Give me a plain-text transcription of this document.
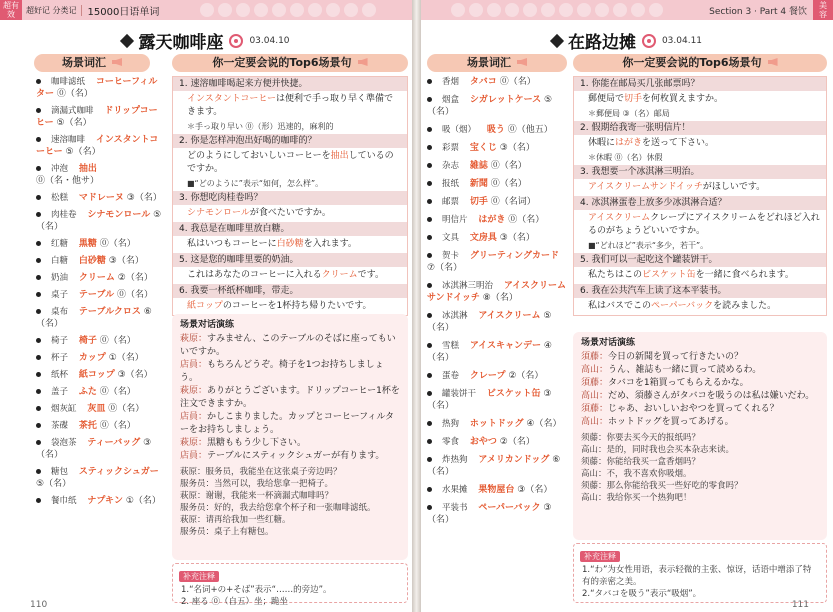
超有效	超好记 分类记	15000日语单词
露天咖啡座	03.04.10
场景词汇	你一定要会说的Top6场景句
咖啡滤纸 コーヒーフィルター ⓪（名）
滴漏式咖啡 ドリップコーヒー ⑤（名）
速溶咖啡 インスタントコーヒー ⑤（名）
冲泡 抽出 ⓪（名・他サ）
松糕 マドレーヌ ③（名）
肉桂卷 シナモンロール ⑤（名）
红糖 黒糖 ⓪（名）
白糖 白砂糖 ③（名）
奶油 クリーム ②（名）
桌子 テーブル ⓪（名）
桌布 テーブルクロス ⑥（名）
椅子 椅子 ⓪（名）
杯子 カップ ①（名）
纸杯 紙コップ ③（名）
盖子 ふた ⓪（名）
烟灰缸 灰皿 ⓪（名）
茶碟 茶托 ⓪（名）
袋泡茶 ティーバッグ ③（名）
糖包 スティックシュガー ⑤（名）
餐巾纸 ナプキン ①（名）
1. 速溶咖啡喝起来方便并快捷。
インスタントコーヒーは便利で手っ取り早く準備できます。
＊手っ取り早い ⓪（形）迅速的，麻利的
2. 你是怎样冲泡出好喝的咖啡的？
どのようにしておいしいコーヒーを抽出しているのですか。
■“どのように”表示“如何，怎么样”。
3. 你想吃肉桂卷吗？
シナモンロールが食べたいですか。
4. 我总是在咖啡里放白糖。
私はいつもコーヒーに白砂糖を入れます。
5. 这是您的咖啡里要的奶油。
これはあなたのコーヒーに入れるクリームです。
6. 我要一杯纸杯咖啡，带走。
紙コップのコーヒーを1杯持ち帰りたいです。
场景对话演练
萩原：すみません、このテーブルのそばに座ってもいいですか。
店員：もちろんどうぞ。椅子を1つお持ちしましょう。
萩原：ありがとうございます。ドリップコーヒー1杯を注文できますか。
店員：かしこまりました。カップとコーヒーフィルターをお持ちしましょう。
萩原：黒糖ももう少し下さい。
店員：テーブルにスティックシュガーが有ります。
萩原：服务员，我能坐在这张桌子旁边吗？
服务员：当然可以，我给您拿一把椅子。
萩原：谢谢，我能来一杯滴漏式咖啡吗？
服务员：好的，我去给您拿个杯子和一张咖啡滤纸。
萩原：请再给我加一些红糖。
服务员：桌子上有糖包。
补充注释
1.“名词+の+そば”表示“……的旁边”。
2. 座る ⓪（自五）坐；跪坐
110
Section 3 · Part 4 餐饮
美容
在路边摊	03.04.11
场景词汇	你一定要会说的Top6场景句
香烟 タバコ ⓪（名）
烟盒 シガレットケース ⑤（名）
吸（烟） 吸う ⓪（他五）
彩票 宝くじ ③（名）
杂志 雑誌 ⓪（名）
报纸 新聞 ⓪（名）
邮票 切手 ⓪（名词）
明信片 はがき ⓪（名）
文具 文房具 ③（名）
贺卡 グリーティングカード ⑦（名）
冰淇淋三明治 アイスクリームサンドイッチ ⑧（名）
冰淇淋 アイスクリーム ⑤（名）
雪糕 アイスキャンデー ④（名）
蛋卷 クレープ ②（名）
罐装饼干 ビスケット缶 ③（名）
热狗 ホットドッグ ④（名）
零食 おやつ ②（名）
炸热狗 アメリカンドッグ ⑥（名）
水果摊 果物屋台 ③（名）
平装书 ペーパーバック ③（名）
1. 你能在邮局买几张邮票吗？
郵便局で切手を何枚買えますか。
＊郵便局 ③（名）邮局
2. 假期给我寄一张明信片！
休暇にはがきを送って下さい。
＊休暇 ⓪（名）休假
3. 我想要一个冰淇淋三明治。
アイスクリームサンドイッチがほしいです。
4. 冰淇淋蛋卷上放多少冰淇淋合适？
アイスクリームクレープにアイスクリームをどれほど入れるのがちょうどいいですか。
■“どれほど”表示“多少，若干”。
5. 我们可以一起吃这个罐装饼干。
私たちはこのビスケット缶を一緒に食べられます。
6. 我在公共汽车上读了这本平装书。
私はバスでこのペーパーバックを読みました。
场景对话演练
須藤：今日の新聞を買って行きたいの？
高山：うん、雑誌も一緒に買って読めるわ。
須藤：タバコを1箱買ってもらえるかな。
高山：だめ、須藤さんがタバコを吸うのは私は嫌いだわ。
須藤：じゃあ、おいしいおやつを買ってくれる？
高山：ホットドッグを買ってあげる。
须藤：你要去买今天的报纸吗？
高山：是的，同时我也会买本杂志来读。
须藤：你能给我买一盒香烟吗？
高山：不，我不喜欢你吸烟。
须藤：那么你能给我买一些好吃的零食吗？
高山：我给你买一个热狗吧！
补充注释
1.“わ”为女性用语，表示轻微的主张、惊讶，话语中增添了特有的亲密之美。
2.“タバコを吸う”表示“吸烟”。
111
